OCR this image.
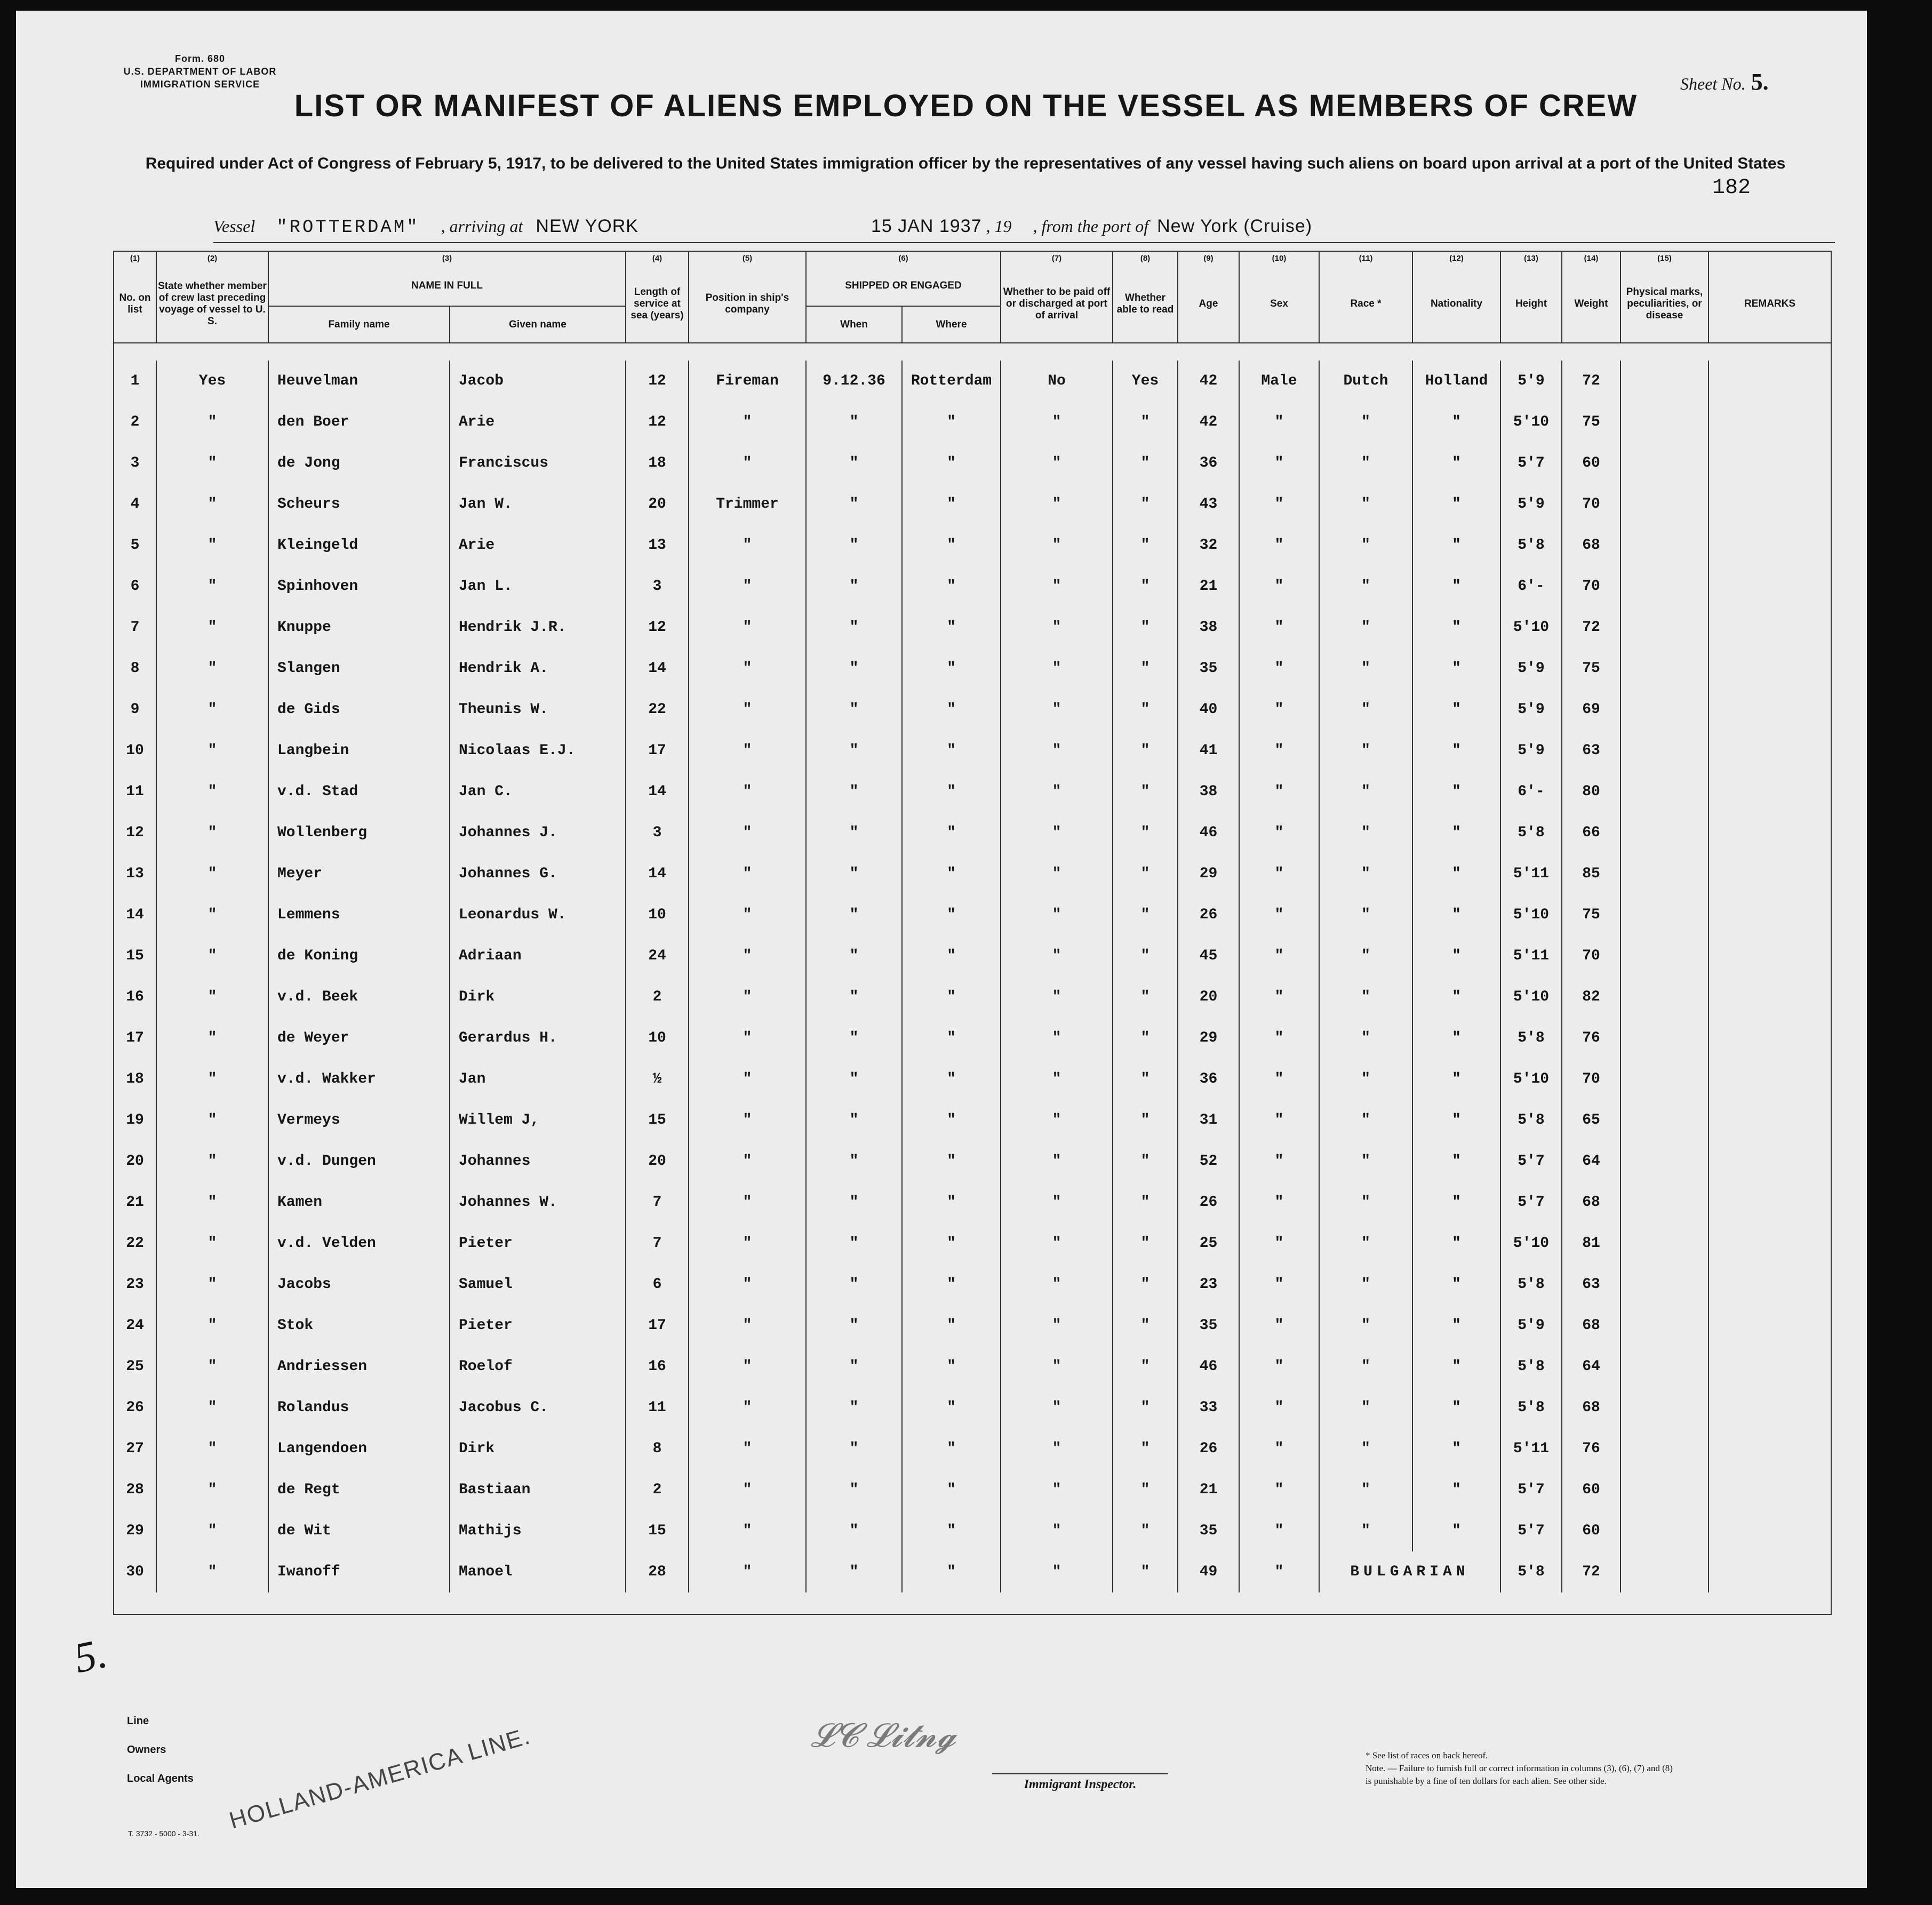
Form. 680
U.S. DEPARTMENT OF LABOR
IMMIGRATION SERVICE	Sheet No. 5.
LIST OR MANIFEST OF ALIENS EMPLOYED ON THE VESSEL AS MEMBERS OF CREW
Required under Act of Congress of February 5, 1917, to be delivered to the United States immigration officer by the representatives of any vessel having such aliens on board upon arrival at a port of the United States
182
Vessel "ROTTERDAM" , arriving at NEW YORK	15 JAN 1937 , 19 , from the port of New York (Cruise)
(1)	(2)	(3)		(4)	(5)	(6)		(7)	(8)	(9)	(10)	(11)	(12)	(13)	(14)	(15)	
No. on list	State whether member of crew last preceding voyage of vessel to U. S.	NAME IN FULL		Length of service at sea (years)	Position in ship's company	SHIPPED OR ENGAGED		Whether to be paid off or discharged at port of arrival	Whether able to read	Age	Sex	Race *	Nationality	Height	Weight	Physical marks, peculiarities, or disease	REMARKS
		Family name	Given name			When	Where										

1	Yes	Heuvelman	Jacob	12	Fireman	9.12.36	Rotterdam	No	Yes	42	Male	Dutch	Holland	5'9	72		
2	"	den Boer	Arie	12	"	"	"	"	"	42	"	"	"	5'10	75		
3	"	de Jong	Franciscus	18	"	"	"	"	"	36	"	"	"	5'7	60		
4	"	Scheurs	Jan W.	20	Trimmer	"	"	"	"	43	"	"	"	5'9	70		
5	"	Kleingeld	Arie	13	"	"	"	"	"	32	"	"	"	5'8	68		
6	"	Spinhoven	Jan L.	3	"	"	"	"	"	21	"	"	"	6'-	70		
7	"	Knuppe	Hendrik J.R.	12	"	"	"	"	"	38	"	"	"	5'10	72		
8	"	Slangen	Hendrik A.	14	"	"	"	"	"	35	"	"	"	5'9	75		
9	"	de Gids	Theunis W.	22	"	"	"	"	"	40	"	"	"	5'9	69		
10	"	Langbein	Nicolaas E.J.	17	"	"	"	"	"	41	"	"	"	5'9	63		
11	"	v.d. Stad	Jan C.	14	"	"	"	"	"	38	"	"	"	6'-	80		
12	"	Wollenberg	Johannes J.	3	"	"	"	"	"	46	"	"	"	5'8	66		
13	"	Meyer	Johannes G.	14	"	"	"	"	"	29	"	"	"	5'11	85		
14	"	Lemmens	Leonardus W.	10	"	"	"	"	"	26	"	"	"	5'10	75		
15	"	de Koning	Adriaan	24	"	"	"	"	"	45	"	"	"	5'11	70		
16	"	v.d. Beek	Dirk	2	"	"	"	"	"	20	"	"	"	5'10	82		
17	"	de Weyer	Gerardus H.	10	"	"	"	"	"	29	"	"	"	5'8	76		
18	"	v.d. Wakker	Jan	½	"	"	"	"	"	36	"	"	"	5'10	70		
19	"	Vermeys	Willem J,	15	"	"	"	"	"	31	"	"	"	5'8	65		
20	"	v.d. Dungen	Johannes	20	"	"	"	"	"	52	"	"	"	5'7	64		
21	"	Kamen	Johannes W.	7	"	"	"	"	"	26	"	"	"	5'7	68		
22	"	v.d. Velden	Pieter	7	"	"	"	"	"	25	"	"	"	5'10	81		
23	"	Jacobs	Samuel	6	"	"	"	"	"	23	"	"	"	5'8	63		
24	"	Stok	Pieter	17	"	"	"	"	"	35	"	"	"	5'9	68		
25	"	Andriessen	Roelof	16	"	"	"	"	"	46	"	"	"	5'8	64		
26	"	Rolandus	Jacobus C.	11	"	"	"	"	"	33	"	"	"	5'8	68		
27	"	Langendoen	Dirk	8	"	"	"	"	"	26	"	"	"	5'11	76		
28	"	de Regt	Bastiaan	2	"	"	"	"	"	21	"	"	"	5'7	60		
29	"	de Wit	Mathijs	15	"	"	"	"	"	35	"	"	"	5'7	60		
30	"	Iwanoff	Manoel	28	"	"	"	"	"	49	"	BULGARIAN		5'8	72		

5.
Line
Owners
Local Agents HOLLAND-AMERICA LINE.	𝓛𝓒 𝓛𝓲𝓽𝓷𝓰
Immigrant Inspector.
* See list of races on back hereof.
Note. — Failure to furnish full or correct information in columns (3), (6), (7) and (8)
is punishable by a fine of ten dollars for each alien. See other side.
T. 3732 - 5000 - 3-31.
